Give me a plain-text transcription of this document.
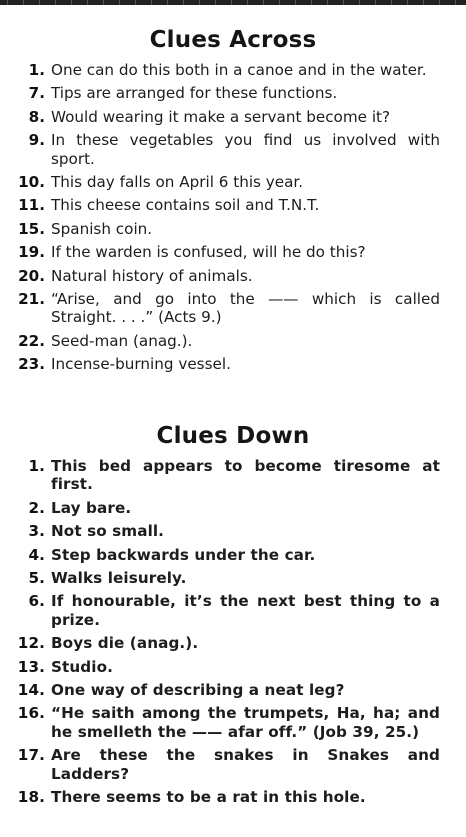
Clues Across
1. One can do this both in a canoe and in the water.
7. Tips are arranged for these functions.
8. Would wearing it make a servant become it?
9. In these vegetables you find us involved with sport.
10. This day falls on April 6 this year.
11. This cheese contains soil and T.N.T.
15. Spanish coin.
19. If the warden is confused, will he do this?
20. Natural history of animals.
21. “Arise, and go into the —— which is called Straight. . . .” (Acts 9.)
22. Seed-man (anag.).
23. Incense-burning vessel.
Clues Down
1. This bed appears to become tiresome at first.
2. Lay bare.
3. Not so small.
4. Step backwards under the car.
5. Walks leisurely.
6. If honourable, it’s the next best thing to a prize.
12. Boys die (anag.).
13. Studio.
14. One way of describing a neat leg?
16. “He saith among the trumpets, Ha, ha; and he smelleth the —— afar off.” (Job 39, 25.)
17. Are these the snakes in Snakes and Ladders?
18. There seems to be a rat in this hole.
